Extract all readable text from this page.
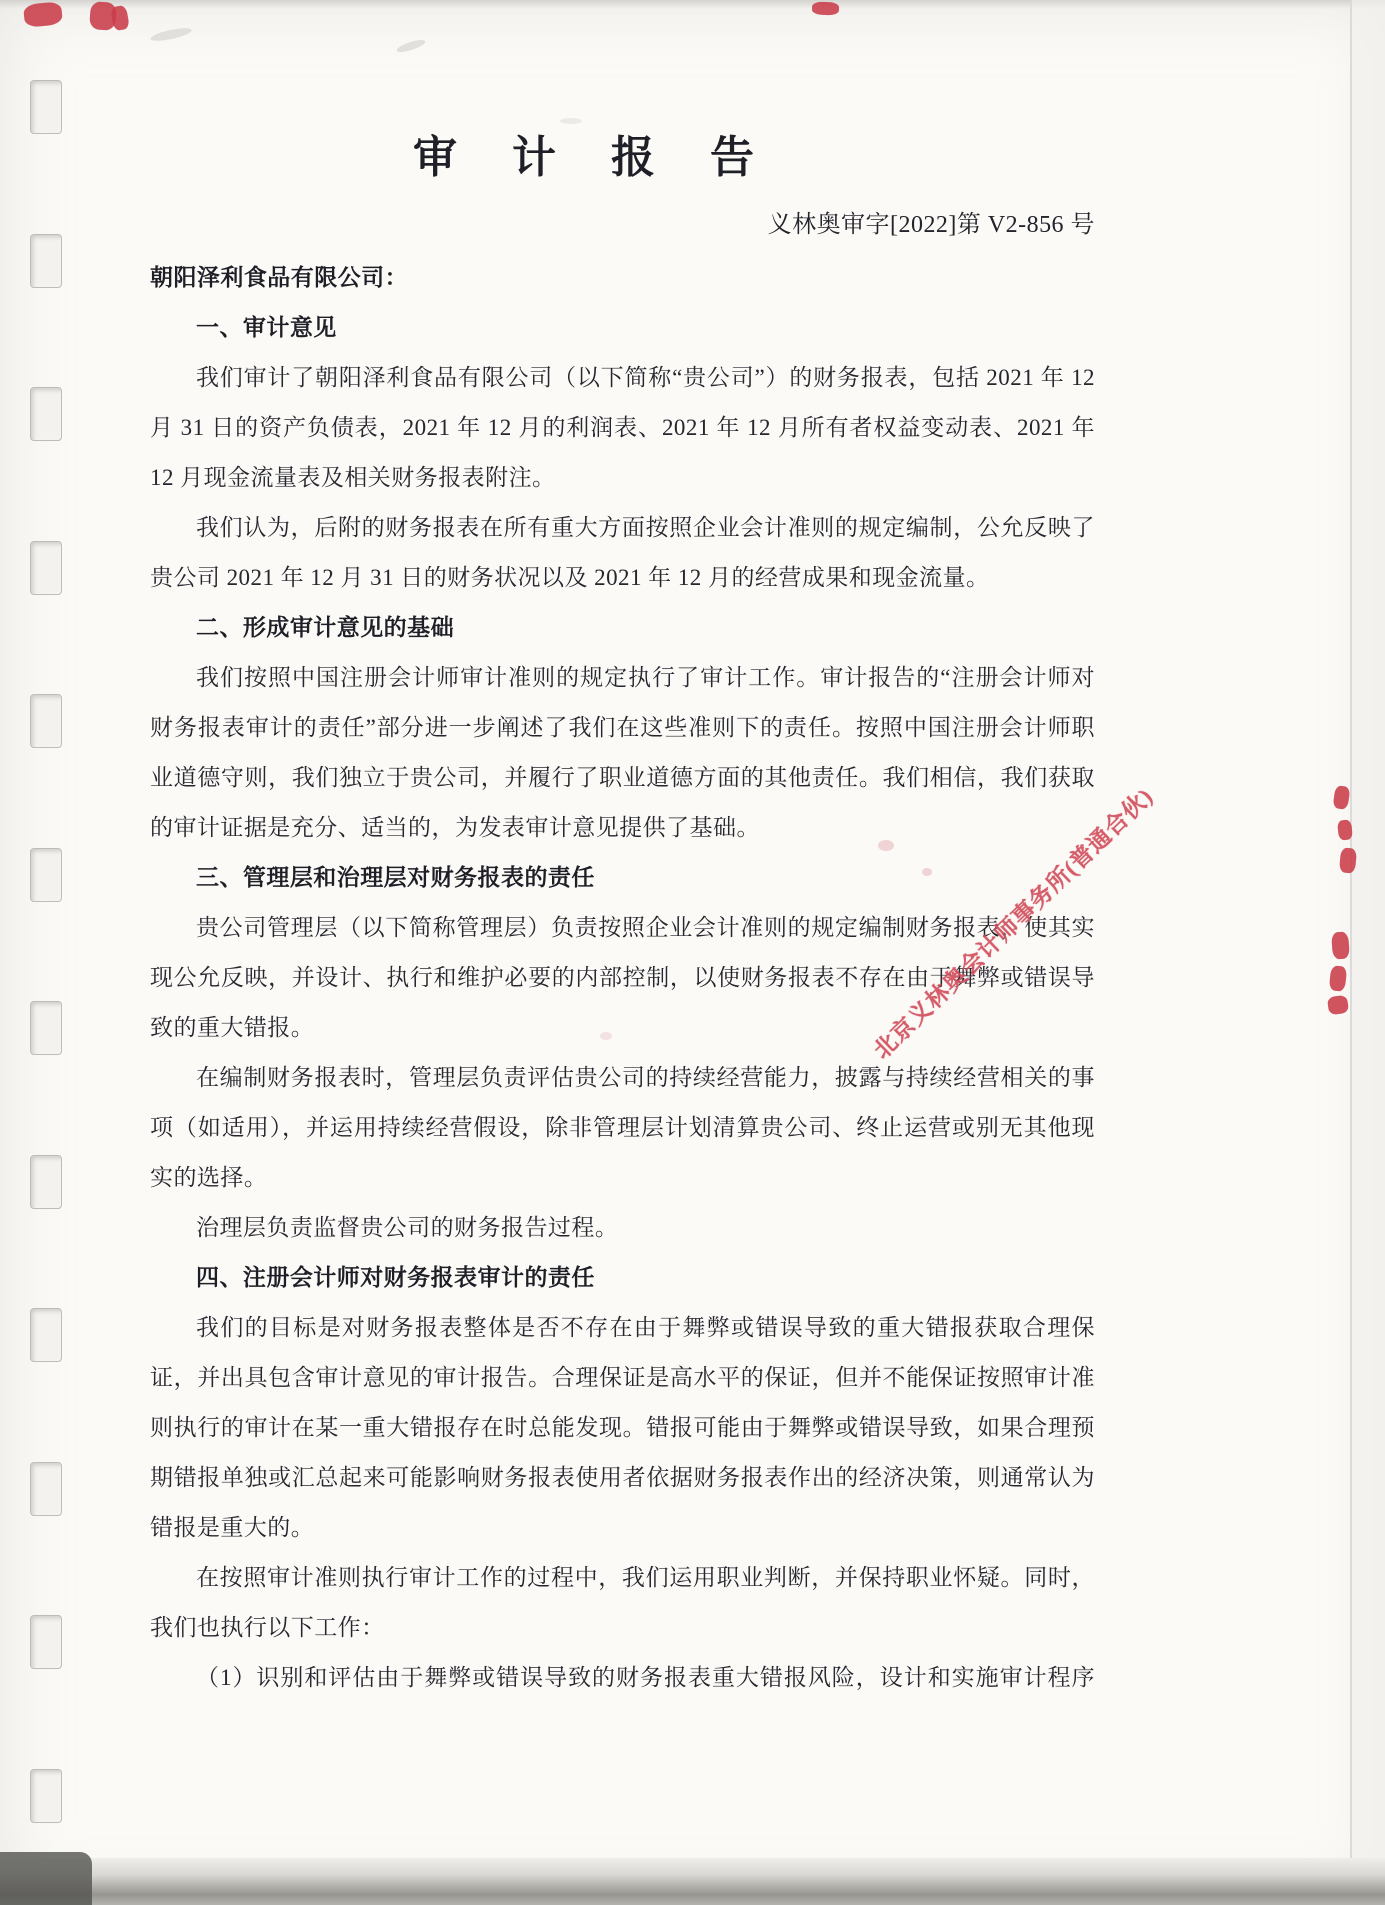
审 计 报 告
义林奥审字[2022]第 V2-856 号
朝阳泽利食品有限公司：
一、审计意见
我们审计了朝阳泽利食品有限公司（以下简称“贵公司”）的财务报表，包括 2021 年 12
月 31 日的资产负债表，2021 年 12 月的利润表、2021 年 12 月所有者权益变动表、2021 年
12 月现金流量表及相关财务报表附注。
我们认为，后附的财务报表在所有重大方面按照企业会计准则的规定编制，公允反映了
贵公司 2021 年 12 月 31 日的财务状况以及 2021 年 12 月的经营成果和现金流量。
二、形成审计意见的基础
我们按照中国注册会计师审计准则的规定执行了审计工作。审计报告的“注册会计师对
财务报表审计的责任”部分进一步阐述了我们在这些准则下的责任。按照中国注册会计师职
业道德守则，我们独立于贵公司，并履行了职业道德方面的其他责任。我们相信，我们获取
的审计证据是充分、适当的，为发表审计意见提供了基础。
三、管理层和治理层对财务报表的责任
贵公司管理层（以下简称管理层）负责按照企业会计准则的规定编制财务报表，使其实
现公允反映，并设计、执行和维护必要的内部控制，以使财务报表不存在由于舞弊或错误导
致的重大错报。
在编制财务报表时，管理层负责评估贵公司的持续经营能力，披露与持续经营相关的事
项（如适用），并运用持续经营假设，除非管理层计划清算贵公司、终止运营或别无其他现
实的选择。
治理层负责监督贵公司的财务报告过程。
四、注册会计师对财务报表审计的责任
我们的目标是对财务报表整体是否不存在由于舞弊或错误导致的重大错报获取合理保
证，并出具包含审计意见的审计报告。合理保证是高水平的保证，但并不能保证按照审计准
则执行的审计在某一重大错报存在时总能发现。错报可能由于舞弊或错误导致，如果合理预
期错报单独或汇总起来可能影响财务报表使用者依据财务报表作出的经济决策，则通常认为
错报是重大的。
在按照审计准则执行审计工作的过程中，我们运用职业判断，并保持职业怀疑。同时，
我们也执行以下工作：
（1）识别和评估由于舞弊或错误导致的财务报表重大错报风险，设计和实施审计程序
北京义林奥会计师事务所(普通合伙)
